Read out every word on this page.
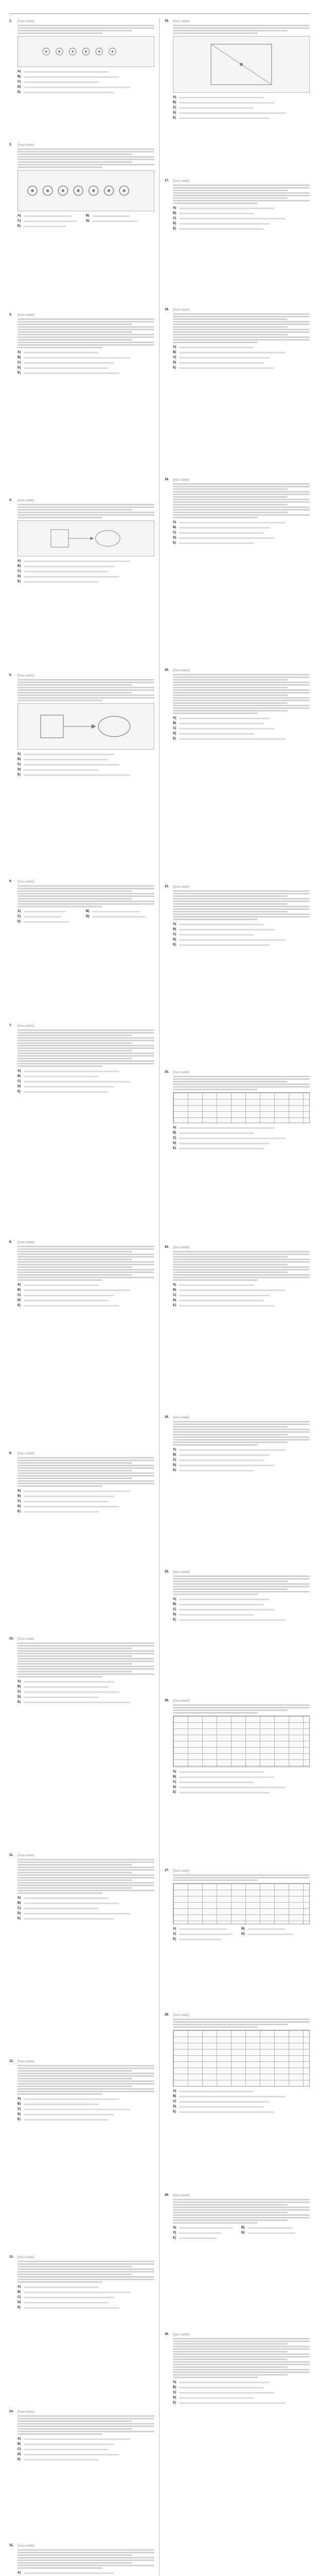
1.	[Soru metni]
A)
B)
C)
D)
E)
2.	[Soru metni]
A)	B)
C)	D)
E)
3.	[Soru metni]
A)
B)
C)
D)
E)
4.	[Soru metni]
A)
B)
C)
D)
E)
5.	[Soru metni]
A)
B)
C)
D)
E)
6.	[Soru metni]
A)	B)
C)	D)
E)
7.	[Soru metni]
A)
B)
C)
D)
E)
8.	[Soru metni]
A)
B)
C)
D)
E)
9.	[Soru metni]
A)
B)
C)
D)
E)
10.	[Soru metni]
A)
B)
C)
D)
E)
11.	[Soru metni]
A)
B)
C)
D)
E)
12.	[Soru metni]
A)
B)
C)
D)
E)
13.	[Soru metni]
A)
B)
C)
D)
E)
14.	[Soru metni]
A)
B)
C)
D)
E)
15.	[Soru metni]
A)
16.	[Soru metni]
A)
B)
C)
D)
E)
17.	[Soru metni]
A)
B)
C)
D)
E)
18.	[Soru metni]
A)
B)
C)
D)
E)
19.	[Soru metni]
A)
B)
C)
D)
E)
20.	[Soru metni]
A)
B)
C)
D)
E)
21.	[Soru metni]
A)
B)
C)
D)
E)
22.	[Soru metni]
A)
B)
C)
D)
E)
23.	[Soru metni]
A)
B)
C)
D)
E)
24.	[Soru metni]
A)
B)
C)
D)
E)
25.	[Soru metni]
A)
B)
C)
D)
E)
26.	[Soru metni]
A)
B)
C)
D)
E)
27.	[Soru metni]
A)	B)
C)	D)
E)
28.	[Soru metni]
A)
B)
C)
D)
E)
29.	[Soru metni]
A)	B)
C)	D)
E)
30.	[Soru metni]
A)
B)
C)
D)
E)
